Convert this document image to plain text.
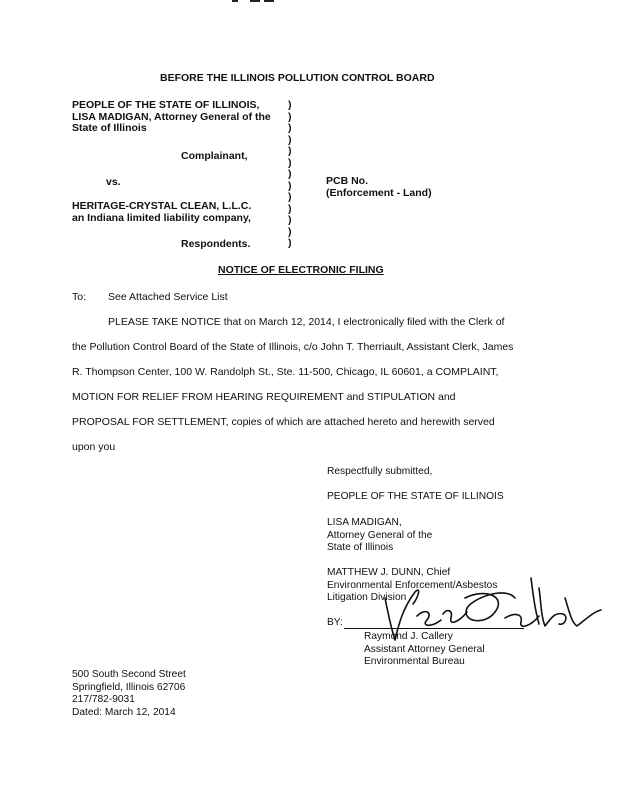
BEFORE THE ILLINOIS POLLUTION CONTROL BOARD
PEOPLE OF THE STATE OF ILLINOIS,
LISA MADIGAN, Attorney General of the
State of Illinois
Complainant,
vs.
HERITAGE-CRYSTAL CLEAN, L.L.C.
an Indiana limited liability company,
Respondents.
)
)
)
)
)
)
)
)
)
)
)
)
)
PCB No.
(Enforcement - Land)
NOTICE OF ELECTRONIC FILING
To: See Attached Service List
PLEASE TAKE NOTICE that on March 12, 2014, I electronically filed with the Clerk of
the Pollution Control Board of the State of Illinois, c/o John T. Therriault, Assistant Clerk, James
R. Thompson Center, 100 W. Randolph St., Ste. 11-500, Chicago, IL 60601, a COMPLAINT,
MOTION FOR RELIEF FROM HEARING REQUIREMENT and STIPULATION and
PROPOSAL FOR SETTLEMENT, copies of which are attached hereto and herewith served
upon you
Respectfully submitted,
PEOPLE OF THE STATE OF ILLINOIS
LISA MADIGAN,
Attorney General of the
State of Illinois
MATTHEW J. DUNN, Chief
Environmental Enforcement/Asbestos
Litigation Division
BY:
Raymond J. Callery
Assistant Attorney General
Environmental Bureau
500 South Second Street
Springfield, Illinois 62706
217/782-9031
Dated: March 12, 2014
